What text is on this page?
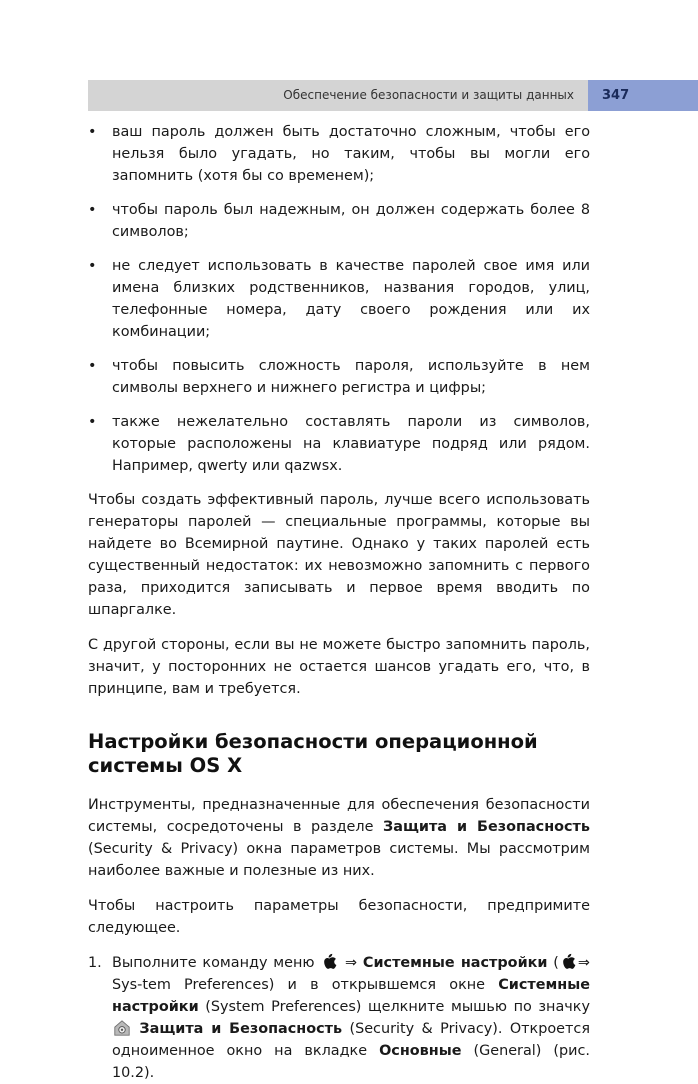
Обеспечение безопасности и защиты данных	347
• ваш пароль должен быть достаточно сложным, чтобы его нельзя было угадать, но таким, чтобы вы могли его запомнить (хотя бы со временем);
• чтобы пароль был надежным, он должен содержать более 8 символов;
• не следует использовать в качестве паролей свое имя или имена близких родственников, названия городов, улиц, телефонные номера, дату своего рождения или их комбинации;
• чтобы повысить сложность пароля, используйте в нем символы верхнего и нижнего регистра и цифры;
• также нежелательно составлять пароли из символов, которые расположены на клавиатуре подряд или рядом. Например, qwerty или qazwsx.

Чтобы создать эффективный пароль, лучше всего использовать генераторы паролей — специальные программы, которые вы найдете во Всемирной паутине. Однако у таких паролей есть существенный недостаток: их невозможно запомнить с первого раза, приходится записывать и первое время вводить по шпаргалке.

С другой стороны, если вы не можете быстро запомнить пароль, значит, у посторонних не остается шансов угадать его, что, в принципе, вам и требуется.

Настройки безопасности операционной системы OS X

Инструменты, предназначенные для обеспечения безопасности системы, сосредоточены в разделе Защита и Безопасность (Security & Privacy) окна параметров системы. Мы рассмотрим наиболее важные и полезные из них.

Чтобы настроить параметры безопасности, предпримите следующее.

1. Выполните команду меню  ⇒ Системные настройки ( ⇒ Sys-tem Preferences) и в открывшемся окне Системные настройки (System Preferences) щелкните мышью по значку  Защита и Безопасность (Security & Privacy). Откроется одноименное окно на вкладке Основные (General) (рис. 10.2).
